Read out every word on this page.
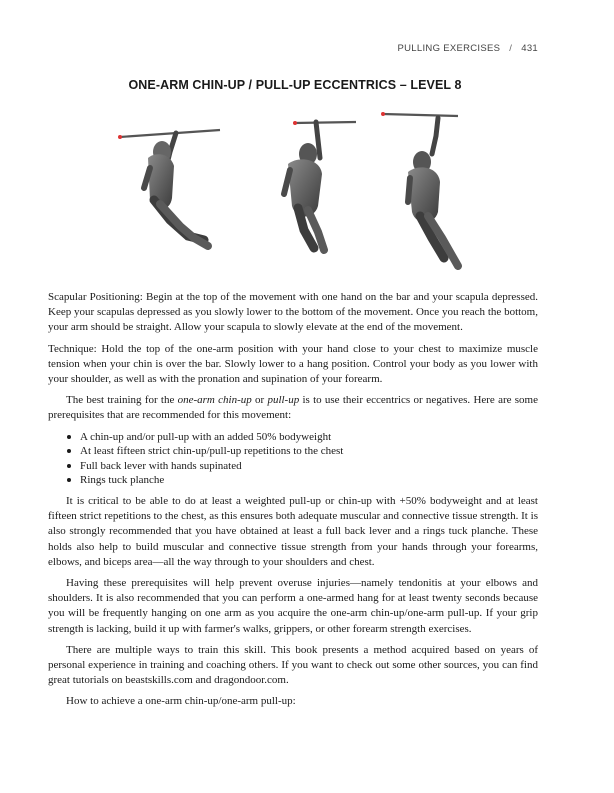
PULLING EXERCISES / 431
ONE-ARM CHIN-UP / PULL-UP ECCENTRICS – LEVEL 8

Scapular Positioning: Begin at the top of the movement with one hand on the bar and your scapula depressed. Keep your scapulas depressed as you slowly lower to the bottom of the movement. Once you reach the bottom, your arm should be straight. Allow your scapula to slowly elevate at the end of the movement.

Technique: Hold the top of the one-arm position with your hand close to your chest to maximize muscle tension when your chin is over the bar. Slowly lower to a hang position. Control your body as you lower with your shoulder, as well as with the pronation and supination of your forearm.

The best training for the one-arm chin-up or pull-up is to use their eccentrics or negatives. Here are some prerequisites that are recommended for this movement:

A chin-up and/or pull-up with an added 50% bodyweight
At least fifteen strict chin-up/pull-up repetitions to the chest
Full back lever with hands supinated
Rings tuck planche

It is critical to be able to do at least a weighted pull-up or chin-up with +50% bodyweight and at least fifteen strict repetitions to the chest, as this ensures both adequate muscular and connective tissue strength. It is also strongly recommended that you have obtained at least a full back lever and a rings tuck planche. These holds also help to build muscular and connective tissue strength from your hands through your forearms, elbows, and biceps area—all the way through to your shoulders and chest.

Having these prerequisites will help prevent overuse injuries—namely tendonitis at your elbows and shoulders. It is also recommended that you can perform a one-armed hang for at least twenty seconds because you will be frequently hanging on one arm as you acquire the one-arm chin-up/one-arm pull-up. If your grip strength is lacking, build it up with farmer's walks, grippers, or other forearm strength exercises.

There are multiple ways to train this skill. This book presents a method acquired based on years of personal experience in training and coaching others. If you want to check out some other sources, you can find great tutorials on beastskills.com and dragondoor.com.

How to achieve a one-arm chin-up/one-arm pull-up:
